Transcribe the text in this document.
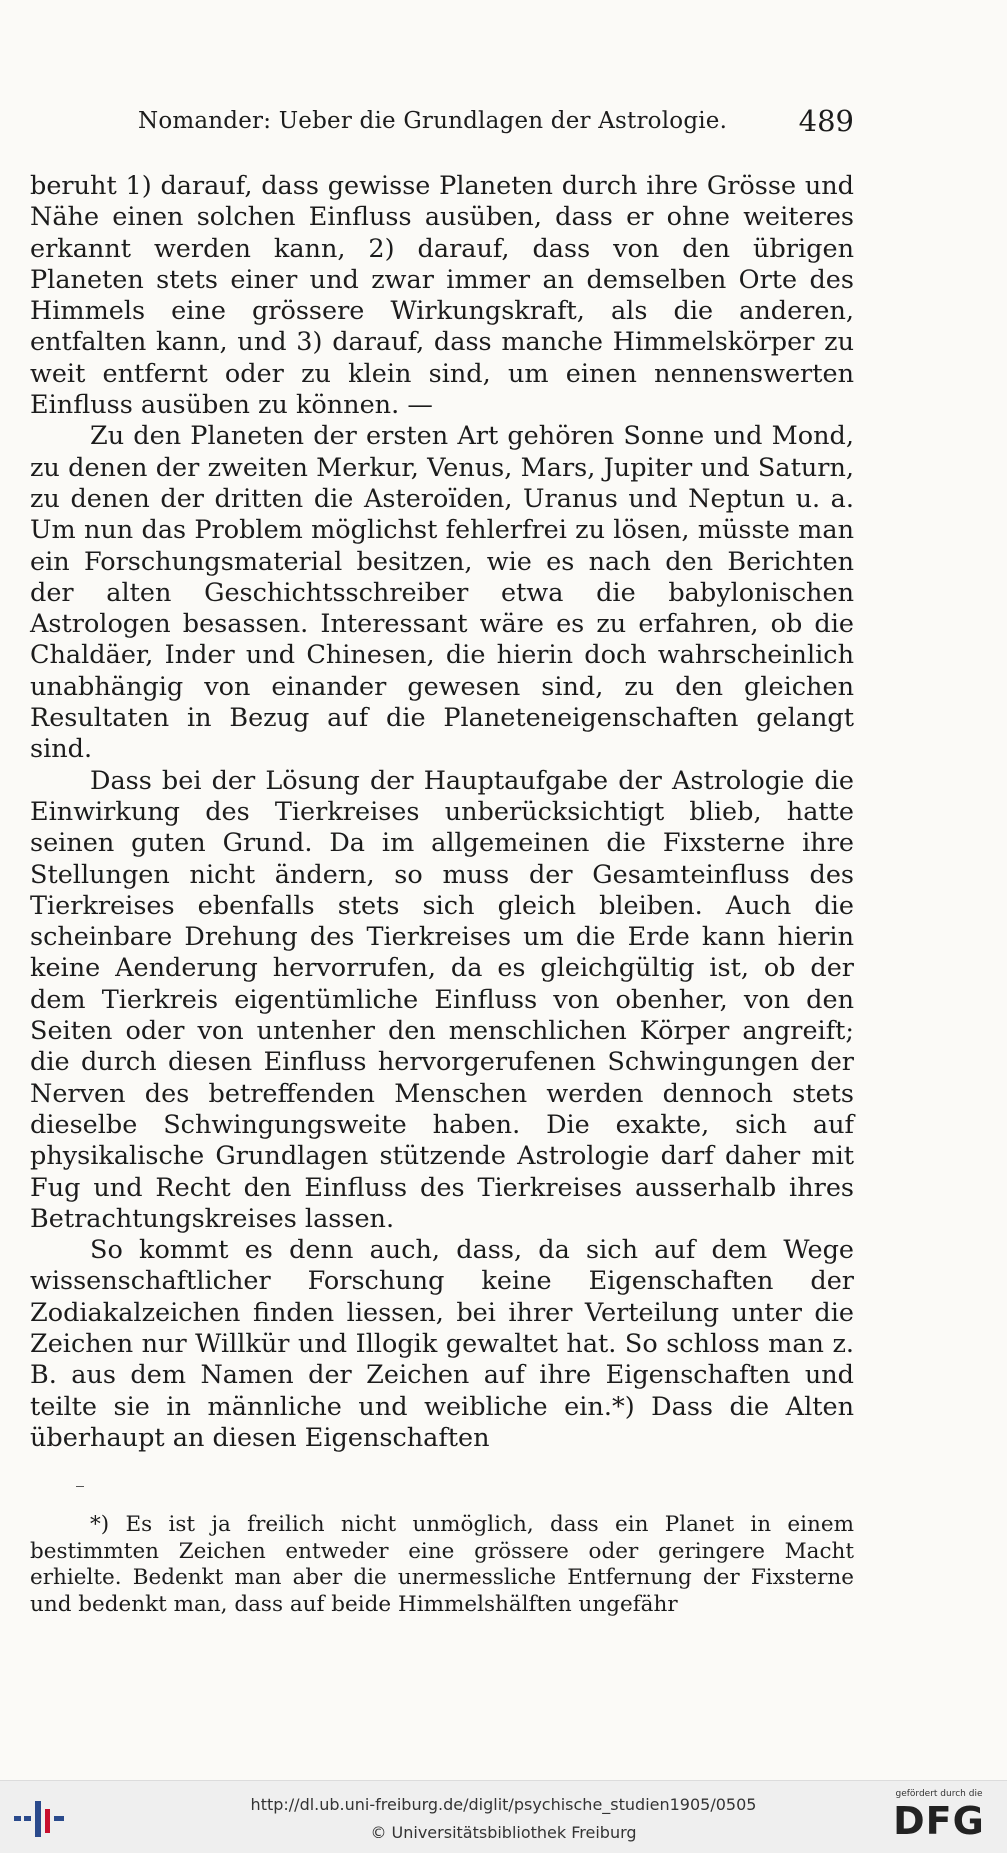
Nomander: Ueber die Grundlagen der Astrologie. 489

beruht 1) darauf, dass gewisse Planeten durch ihre Grösse und Nähe einen solchen Einfluss ausüben, dass er ohne weiteres erkannt werden kann, 2) darauf, dass von den übrigen Planeten stets einer und zwar immer an demselben Orte des Himmels eine grössere Wirkungskraft, als die anderen, entfalten kann, und 3) darauf, dass manche Himmelskörper zu weit entfernt oder zu klein sind, um einen nennenswerten Einfluss ausüben zu können. —

Zu den Planeten der ersten Art gehören Sonne und Mond, zu denen der zweiten Merkur, Venus, Mars, Jupiter und Saturn, zu denen der dritten die Asteroïden, Uranus und Neptun u. a. Um nun das Problem möglichst fehlerfrei zu lösen, müsste man ein Forschungsmaterial besitzen, wie es nach den Berichten der alten Geschichtsschreiber etwa die babylonischen Astrologen besassen. Interessant wäre es zu erfahren, ob die Chaldäer, Inder und Chinesen, die hierin doch wahrscheinlich unabhängig von einander gewesen sind, zu den gleichen Resultaten in Bezug auf die Planeteneigenschaften gelangt sind.

Dass bei der Lösung der Hauptaufgabe der Astrologie die Einwirkung des Tierkreises unberücksichtigt blieb, hatte seinen guten Grund. Da im allgemeinen die Fixsterne ihre Stellungen nicht ändern, so muss der Gesamteinfluss des Tierkreises ebenfalls stets sich gleich bleiben. Auch die scheinbare Drehung des Tierkreises um die Erde kann hierin keine Aenderung hervorrufen, da es gleichgültig ist, ob der dem Tierkreis eigentümliche Einfluss von obenher, von den Seiten oder von untenher den menschlichen Körper angreift; die durch diesen Einfluss hervorgerufenen Schwingungen der Nerven des betreffenden Menschen werden dennoch stets dieselbe Schwingungsweite haben. Die exakte, sich auf physikalische Grundlagen stützende Astrologie darf daher mit Fug und Recht den Einfluss des Tierkreises ausserhalb ihres Betrachtungskreises lassen.

So kommt es denn auch, dass, da sich auf dem Wege wissenschaftlicher Forschung keine Eigenschaften der Zodiakalzeichen finden liessen, bei ihrer Verteilung unter die Zeichen nur Willkür und Illogik gewaltet hat. So schloss man z. B. aus dem Namen der Zeichen auf ihre Eigenschaften und teilte sie in männliche und weibliche ein.*) Dass die Alten überhaupt an diesen Eigenschaften

*) Es ist ja freilich nicht unmöglich, dass ein Planet in einem bestimmten Zeichen entweder eine grössere oder geringere Macht erhielte. Bedenkt man aber die unermessliche Entfernung der Fixsterne und bedenkt man, dass auf beide Himmelshälften ungefähr

http://dl.ub.uni-freiburg.de/diglit/psychische_studien1905/0505
© Universitätsbibliothek Freiburg
gefördert durch die
DFG
